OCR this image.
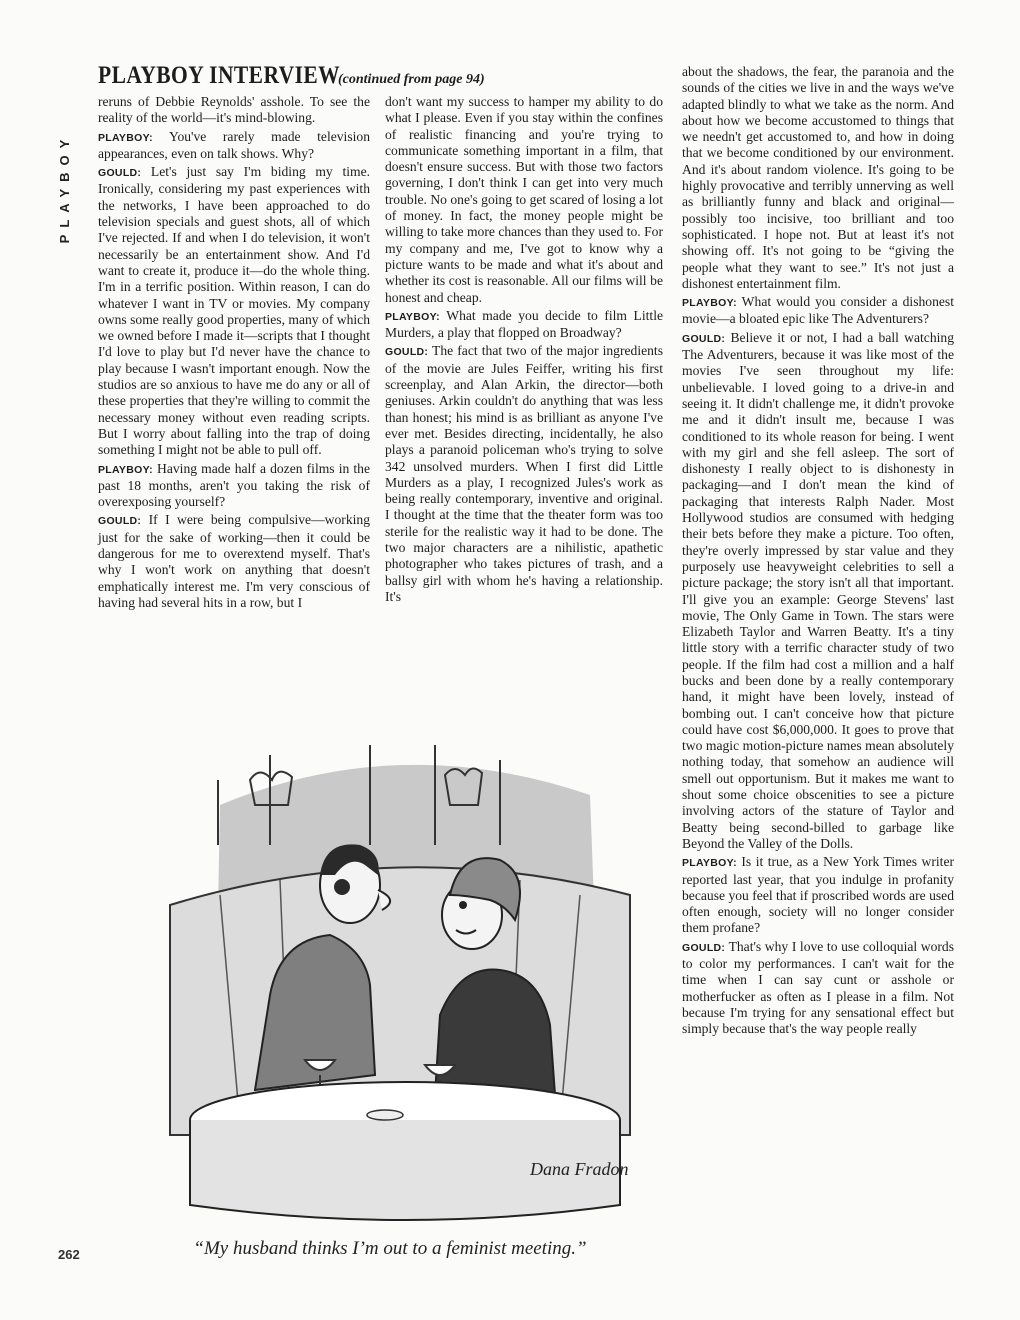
PLAYBOY
PLAYBOY INTERVIEW
(continued from page 94)

reruns of Debbie Reynolds' asshole. To see the reality of the world—it's mind-blowing.

PLAYBOY: You've rarely made television appearances, even on talk shows. Why?

GOULD: Let's just say I'm biding my time. Ironically, considering my past experiences with the networks, I have been approached to do television specials and guest shots, all of which I've rejected. If and when I do television, it won't necessarily be an entertainment show. And I'd want to create it, produce it—do the whole thing. I'm in a terrific position. Within reason, I can do whatever I want in TV or movies. My company owns some really good properties, many of which we owned before I made it—scripts that I thought I'd love to play but I'd never have the chance to play because I wasn't important enough. Now the studios are so anxious to have me do any or all of these properties that they're willing to commit the necessary money without even reading scripts. But I worry about falling into the trap of doing something I might not be able to pull off.

PLAYBOY: Having made half a dozen films in the past 18 months, aren't you taking the risk of overexposing yourself?

GOULD: If I were being compulsive—working just for the sake of working—then it could be dangerous for me to overextend myself. That's why I won't work on anything that doesn't emphatically interest me. I'm very conscious of having had several hits in a row, but I

don't want my success to hamper my ability to do what I please. Even if you stay within the confines of realistic financing and you're trying to communicate something important in a film, that doesn't ensure success. But with those two factors governing, I don't think I can get into very much trouble. No one's going to get scared of losing a lot of money. In fact, the money people might be willing to take more chances than they used to. For my company and me, I've got to know why a picture wants to be made and what it's about and whether its cost is reasonable. All our films will be honest and cheap.

PLAYBOY: What made you decide to film Little Murders, a play that flopped on Broadway?

GOULD: The fact that two of the major ingredients of the movie are Jules Feiffer, writing his first screenplay, and Alan Arkin, the director—both geniuses. Arkin couldn't do anything that was less than honest; his mind is as brilliant as anyone I've ever met. Besides directing, incidentally, he also plays a paranoid policeman who's trying to solve 342 unsolved murders. When I first did Little Murders as a play, I recognized Jules's work as being really contemporary, inventive and original. I thought at the time that the theater form was too sterile for the realistic way it had to be done. The two major characters are a nihilistic, apathetic photographer who takes pictures of trash, and a ballsy girl with whom he's having a relationship. It's

about the shadows, the fear, the paranoia and the sounds of the cities we live in and the ways we've adapted blindly to what we take as the norm. And about how we become accustomed to things that we needn't get accustomed to, and how in doing that we become conditioned by our environment. And it's about random violence. It's going to be highly provocative and terribly unnerving as well as brilliantly funny and black and original—possibly too incisive, too brilliant and too sophisticated. I hope not. But at least it's not showing off. It's not going to be “giving the people what they want to see.” It's not just a dishonest entertainment film.

PLAYBOY: What would you consider a dishonest movie—a bloated epic like The Adventurers?

GOULD: Believe it or not, I had a ball watching The Adventurers, because it was like most of the movies I've seen throughout my life: unbelievable. I loved going to a drive-in and seeing it. It didn't challenge me, it didn't provoke me and it didn't insult me, because I was conditioned to its whole reason for being. I went with my girl and she fell asleep. The sort of dishonesty I really object to is dishonesty in packaging—and I don't mean the kind of packaging that interests Ralph Nader. Most Hollywood studios are consumed with hedging their bets before they make a picture. Too often, they're overly impressed by star value and they purposely use heavyweight celebrities to sell a picture package; the story isn't all that important. I'll give you an example: George Stevens' last movie, The Only Game in Town. The stars were Elizabeth Taylor and Warren Beatty. It's a tiny little story with a terrific character study of two people. If the film had cost a million and a half bucks and been done by a really contemporary hand, it might have been lovely, instead of bombing out. I can't conceive how that picture could have cost $6,000,000. It goes to prove that two magic motion-picture names mean absolutely nothing today, that somehow an audience will smell out opportunism. But it makes me want to shout some choice obscenities to see a picture involving actors of the stature of Taylor and Beatty being second-billed to garbage like Beyond the Valley of the Dolls.

PLAYBOY: Is it true, as a New York Times writer reported last year, that you indulge in profanity because you feel that if proscribed words are used often enough, society will no longer consider them profane?

GOULD: That's why I love to use colloquial words to color my performances. I can't wait for the time when I can say cunt or asshole or motherfucker as often as I please in a film. Not because I'm trying for any sensational effect but simply because that's the way people really

Dana Fradon
“My husband thinks I’m out to a feminist meeting.”
262
